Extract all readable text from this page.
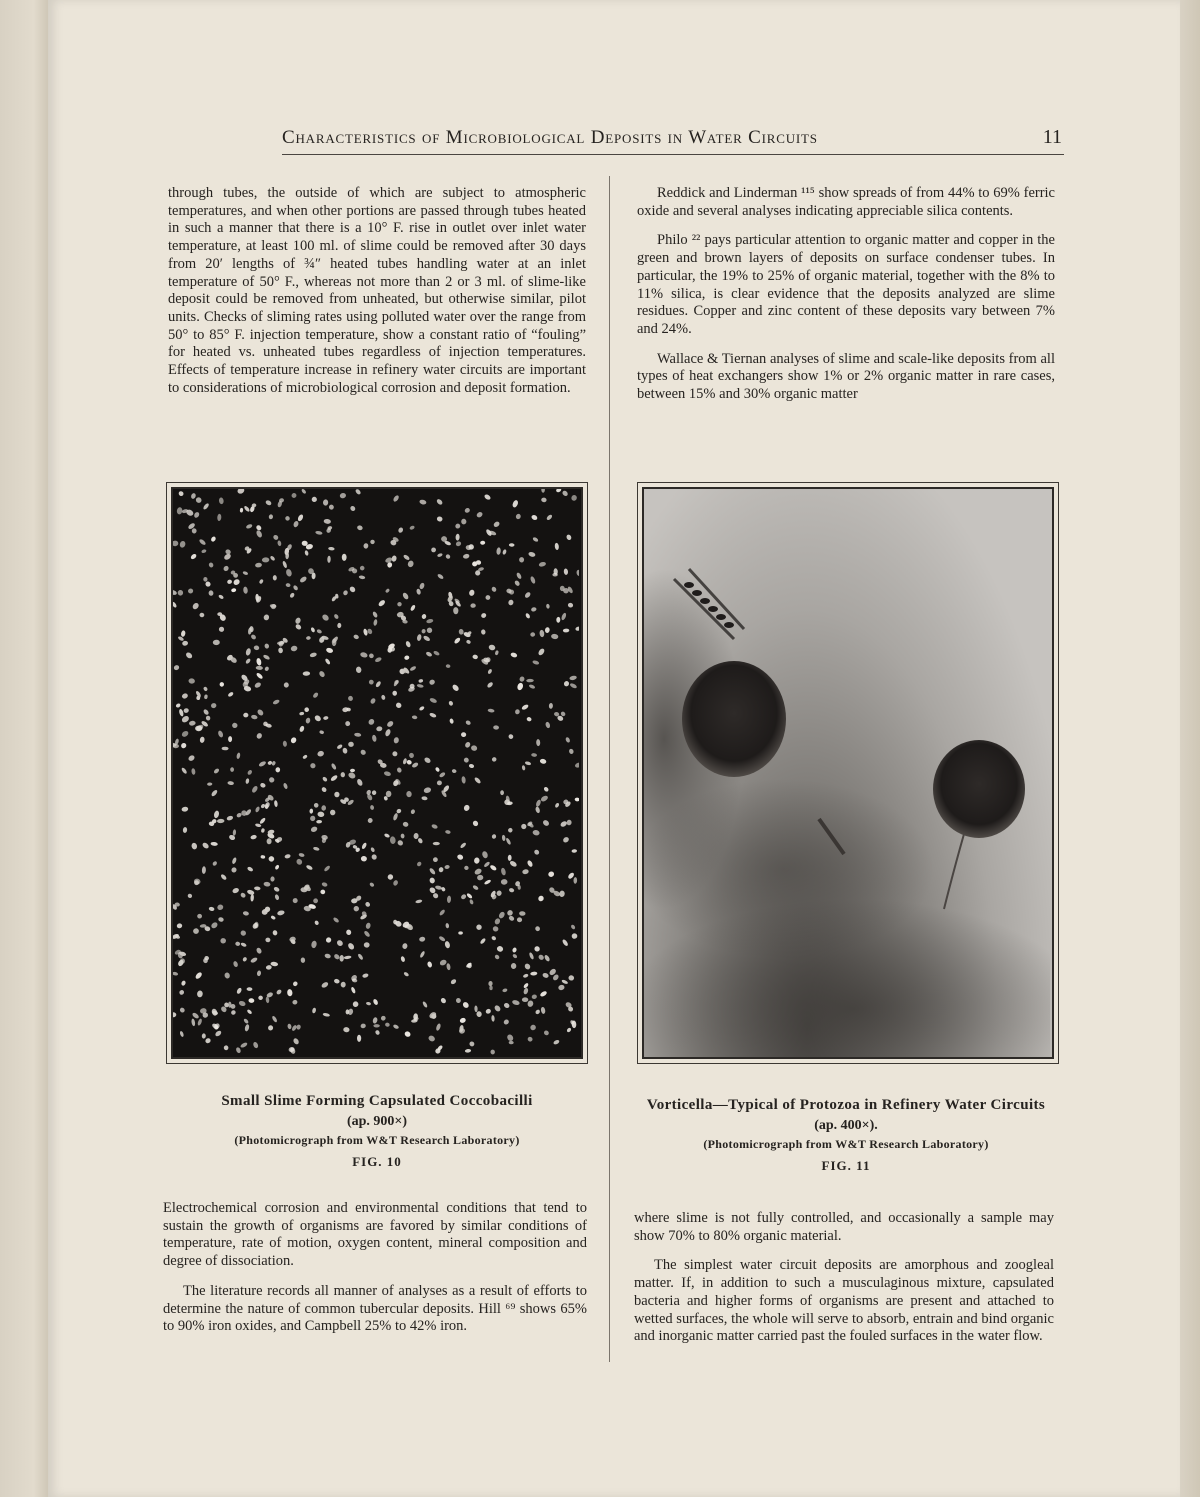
Characteristics of Microbiological Deposits in Water Circuits	11

through tubes, the outside of which are subject to atmospheric temperatures, and when other portions are passed through tubes heated in such a manner that there is a 10° F. rise in outlet over inlet water temperature, at least 100 ml. of slime could be removed after 30 days from 20′ lengths of ¾″ heated tubes handling water at an inlet temperature of 50° F., whereas not more than 2 or 3 ml. of slime-like deposit could be removed from unheated, but otherwise similar, pilot units. Checks of sliming rates using polluted water over the range from 50° to 85° F. injection temperature, show a constant ratio of “fouling” for heated vs. unheated tubes regardless of injection temperatures. Effects of temperature increase in refinery water circuits are important to considerations of microbiological corrosion and deposit formation.

Reddick and Linderman ¹¹⁵ show spreads of from 44% to 69% ferric oxide and several analyses indicating appreciable silica contents.

Philo ²² pays particular attention to organic matter and copper in the green and brown layers of deposits on surface condenser tubes. In particular, the 19% to 25% of organic material, together with the 8% to 11% silica, is clear evidence that the deposits analyzed are slime residues. Copper and zinc content of these deposits vary between 7% and 24%.

Wallace & Tiernan analyses of slime and scale-like deposits from all types of heat exchangers show 1% or 2% organic matter in rare cases, between 15% and 30% organic matter

Small Slime Forming Capsulated Coccobacilli
(ap. 900×)
(Photomicrograph from W&T Research Laboratory)
FIG. 10
Vorticella—Typical of Protozoa in Refinery Water Circuits
(ap. 400×).
(Photomicrograph from W&T Research Laboratory)
FIG. 11

Electrochemical corrosion and environmental conditions that tend to sustain the growth of organisms are favored by similar conditions of temperature, rate of motion, oxygen content, mineral composition and degree of dissociation.

The literature records all manner of analyses as a result of efforts to determine the nature of common tubercular deposits. Hill ⁶⁹ shows 65% to 90% iron oxides, and Campbell 25% to 42% iron.

where slime is not fully controlled, and occasionally a sample may show 70% to 80% organic material.

The simplest water circuit deposits are amorphous and zoogleal matter. If, in addition to such a musculaginous mixture, capsulated bacteria and higher forms of organisms are present and attached to wetted surfaces, the whole will serve to absorb, entrain and bind organic and inorganic matter carried past the fouled surfaces in the water flow.
